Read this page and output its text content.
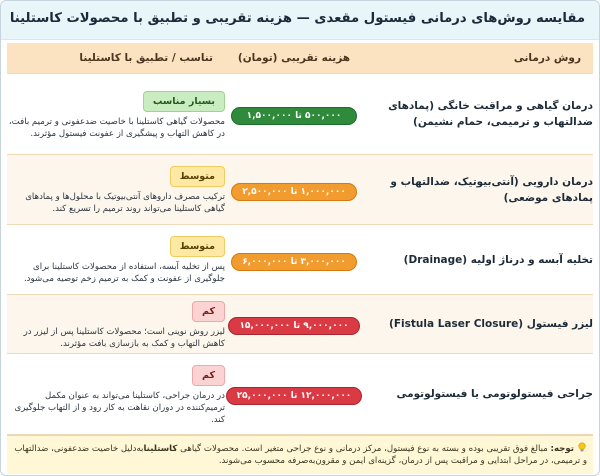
مقایسه روش‌های درمانی فیستول مقعدی — هزینه تقریبی و تطبیق با محصولات کاستلینا
روش درمانی	هزینه تقریبی (تومان)	تناسب / تطبیق با کاستلینا
درمان گیاهی و مراقبت خانگی (پمادهای ضدالتهاب و ترمیمی، حمام نشیمن)	۵۰۰,۰۰۰ تا ۱,۵۰۰,۰۰۰	بسیار مناسب
محصولات گیاهی کاستلینا با خاصیت ضدعفونی و ترمیم بافت، در کاهش التهاب و پیشگیری از عفونت فیستول مؤثرند.

درمان دارویی (آنتی‌بیوتیک، ضدالتهاب و پمادهای موضعی)	۱,۰۰۰,۰۰۰ تا ۲,۵۰۰,۰۰۰	متوسط
ترکیب مصرف داروهای آنتی‌بیوتیک با محلول‌ها و پمادهای گیاهی کاستلینا می‌تواند روند ترمیم را تسریع کند.

تخلیه آبسه و درناژ اولیه (Drainage)	۳,۰۰۰,۰۰۰ تا ۶,۰۰۰,۰۰۰	متوسط
پس از تخلیه آبسه، استفاده از محصولات کاستلینا برای جلوگیری از عفونت و کمک به ترمیم زخم توصیه می‌شود.

لیزر فیستول (Fistula Laser Closure)	۹,۰۰۰,۰۰۰ تا ۱۵,۰۰۰,۰۰۰	کم
لیزر روش نوینی است؛ محصولات کاستلینا پس از لیزر در کاهش التهاب و کمک به بازسازی بافت مؤثرند.

جراحی فیستولوتومی یا فیستولوتومی	۱۲,۰۰۰,۰۰۰ تا ۲۵,۰۰۰,۰۰۰	کم
در درمان جراحی، کاستلینا می‌تواند به عنوان مکمل ترمیم‌کننده در دوران نقاهت به کار رود و از التهاب جلوگیری کند.
توجه: مبالغ فوق تقریبی بوده و بسته به نوع فیستول، مرکز درمانی و نوع جراحی متغیر است. محصولات گیاهی کاستلینابه‌دلیل خاصیت ضدعفونی، ضدالتهاب و ترمیمی، در مراحل ابتدایی و مراقبت پس از درمان، گزینه‌ای ایمن و مقرون‌به‌صرفه محسوب می‌شوند.
